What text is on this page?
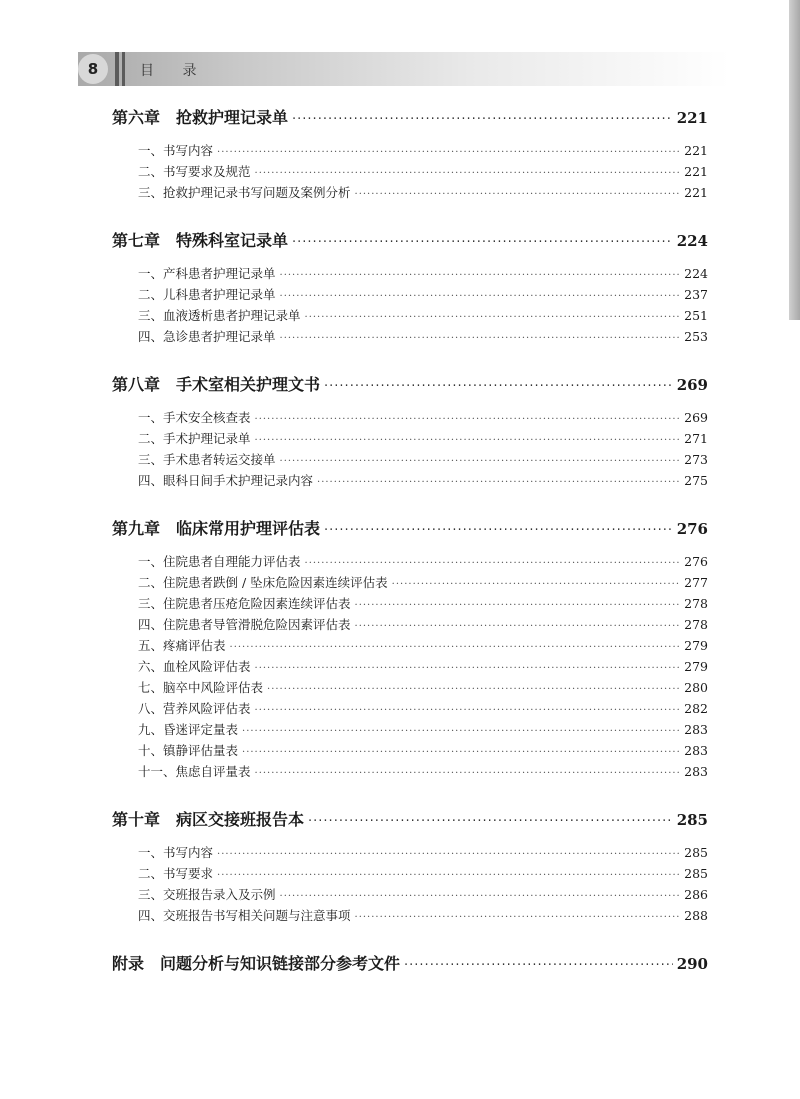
8	目 录
第六章 抢救护理记录单 ·····	221
一、书写内容 ·····	221
二、书写要求及规范 ·····	221
三、抢救护理记录书写问题及案例分析 ·····	221
第七章 特殊科室记录单 ·····	224
一、产科患者护理记录单 ·····	224
二、儿科患者护理记录单 ·····	237
三、血液透析患者护理记录单 ·····	251
四、急诊患者护理记录单 ·····	253
第八章 手术室相关护理文书 ·····	269
一、手术安全核查表 ·····	269
二、手术护理记录单 ·····	271
三、手术患者转运交接单 ·····	273
四、眼科日间手术护理记录内容 ·····	275
第九章 临床常用护理评估表 ·····	276
一、住院患者自理能力评估表 ·····	276
二、住院患者跌倒 / 坠床危险因素连续评估表 ·····	277
三、住院患者压疮危险因素连续评估表 ·····	278
四、住院患者导管滑脱危险因素评估表 ·····	278
五、疼痛评估表 ·····	279
六、血栓风险评估表 ·····	279
七、脑卒中风险评估表 ·····	280
八、营养风险评估表 ·····	282
九、昏迷评定量表 ·····	283
十、镇静评估量表 ·····	283
十一、焦虑自评量表 ·····	283
第十章 病区交接班报告本 ·····	285
一、书写内容 ·····	285
二、书写要求 ·····	285
三、交班报告录入及示例 ·····	286
四、交班报告书写相关问题与注意事项 ·····	288
附录 问题分析与知识链接部分参考文件 ·····	290
